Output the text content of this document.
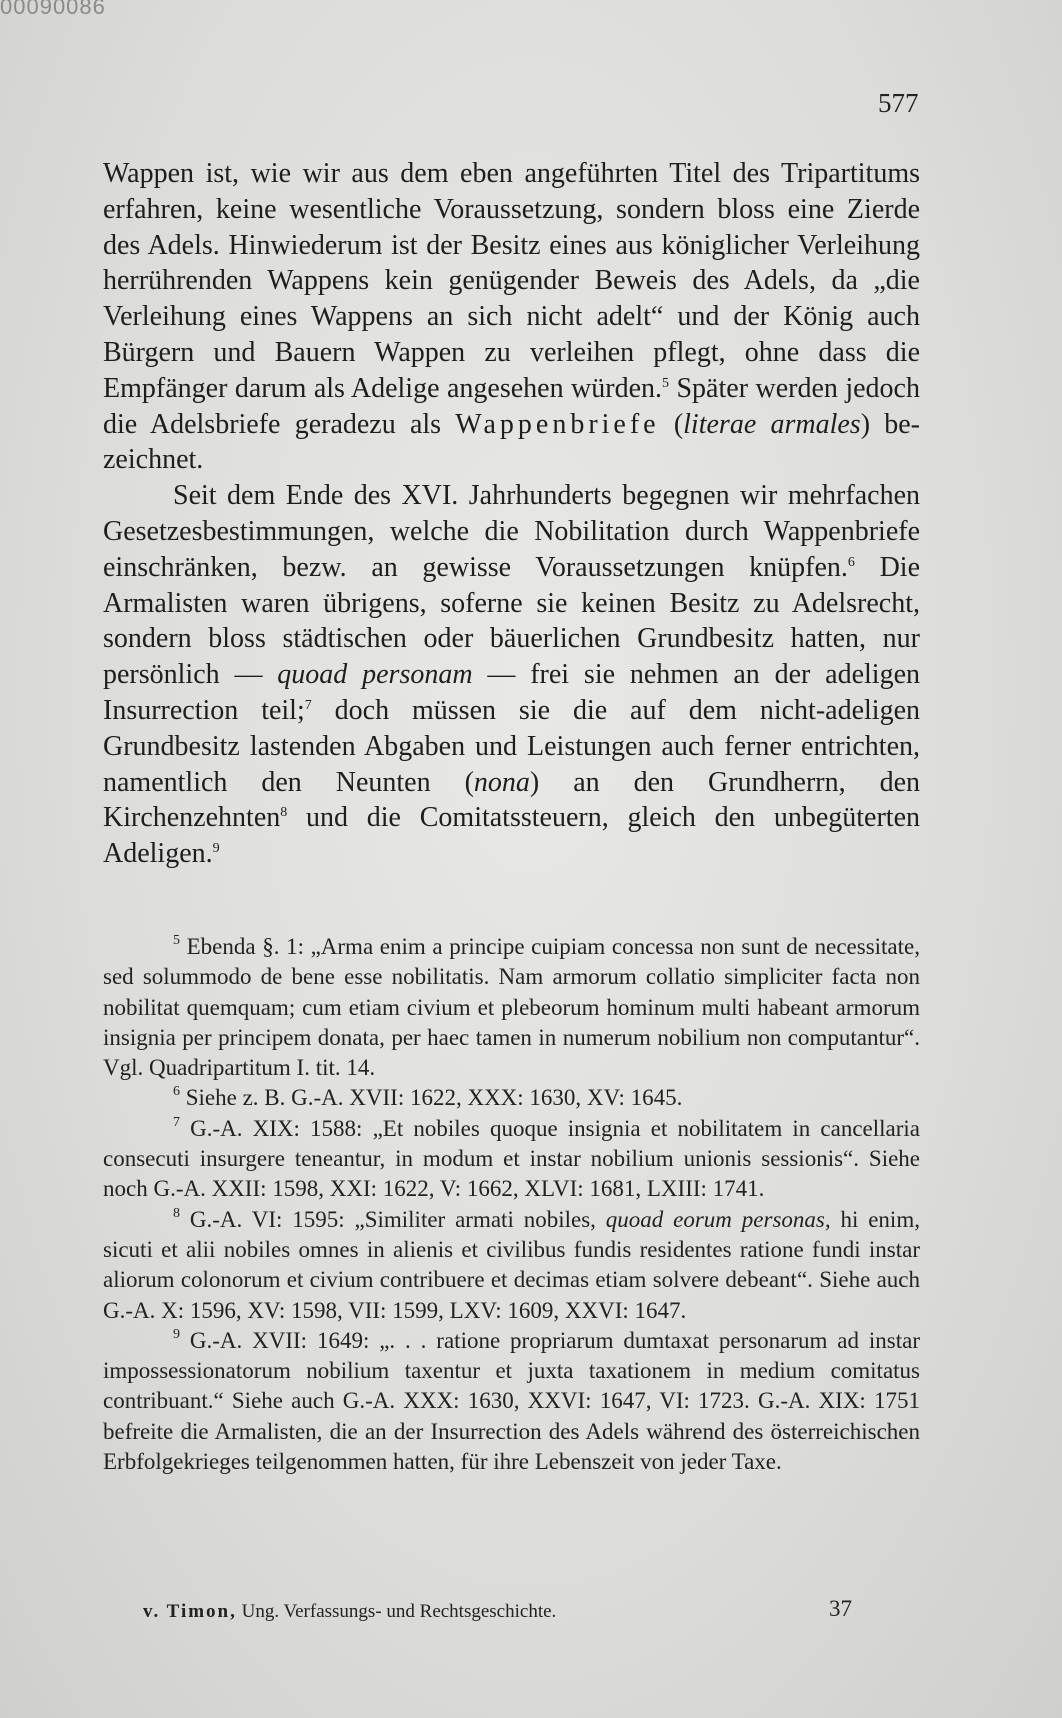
00090086
577

Wappen ist, wie wir aus dem eben angeführten Titel des Tripartitums erfahren, keine wesentliche Voraussetzung, sondern bloss eine Zierde des Adels. Hinwiederum ist der Besitz eines aus königlicher Verleihung herrührenden Wappens kein genügender Beweis des Adels, da „die Verleihung eines Wappens an sich nicht adelt“ und der König auch Bürgern und Bauern Wappen zu verleihen pflegt, ohne dass die Empfänger darum als Adelige angesehen würden.$^5$ Später werden jedoch die Adelsbriefe geradezu als Wappenbriefe (literae armales) bezeichnet.

Seit dem Ende des XVI. Jahrhunderts begegnen wir mehrfachen Gesetzesbestimmungen, welche die Nobilitation durch Wappenbriefe einschränken, bezw. an gewisse Voraussetzungen knüpfen.$^6$ Die Armalisten waren übrigens, soferne sie keinen Besitz zu Adelsrecht, sondern bloss städtischen oder bäuerlichen Grundbesitz hatten, nur persönlich — quoad personam — frei sie nehmen an der adeligen Insurrection teil;$^7$ doch müssen sie die auf dem nicht-adeligen Grundbesitz lastenden Abgaben und Leistungen auch ferner entrichten, namentlich den Neunten (nona) an den Grundherrn, den Kirchenzehnten$^8$ und die Comitatssteuern, gleich den unbegüterten Adeligen.$^9$

$^5$ Ebenda §. 1: „Arma enim a principe cuipiam concessa non sunt de necessitate, sed solummodo de bene esse nobilitatis. Nam armorum collatio simpliciter facta non nobilitat quemquam; cum etiam civium et plebeorum hominum multi habeant armorum insignia per principem donata, per haec tamen in numerum nobilium non computantur“. Vgl. Quadripartitum I. tit. 14.

$^6$ Siehe z. B. G.-A. XVII: 1622, XXX: 1630, XV: 1645.

$^7$ G.-A. XIX: 1588: „Et nobiles quoque insignia et nobilitatem in cancellaria consecuti insurgere teneantur, in modum et instar nobilium unionis sessionis“. Siehe noch G.-A. XXII: 1598, XXI: 1622, V: 1662, XLVI: 1681, LXIII: 1741.

$^8$ G.-A. VI: 1595: „Similiter armati nobiles, quoad eorum personas, hi enim, sicuti et alii nobiles omnes in alienis et civilibus fundis residentes ratione fundi instar aliorum colonorum et civium contribuere et decimas etiam solvere debeant“. Siehe auch G.-A. X: 1596, XV: 1598, VII: 1599, LXV: 1609, XXVI: 1647.

$^9$ G.-A. XVII: 1649: „. . . ratione propriarum dumtaxat personarum ad instar impossessionatorum nobilium taxentur et juxta taxationem in medium comitatus contribuant.“ Siehe auch G.-A. XXX: 1630, XXVI: 1647, VI: 1723. G.-A. XIX: 1751 befreite die Armalisten, die an der Insurrection des Adels während des österreichischen Erbfolgekrieges teilgenommen hatten, für ihre Lebenszeit von jeder Taxe.

v. Timon, Ung. Verfassungs- und Rechtsgeschichte.	37
